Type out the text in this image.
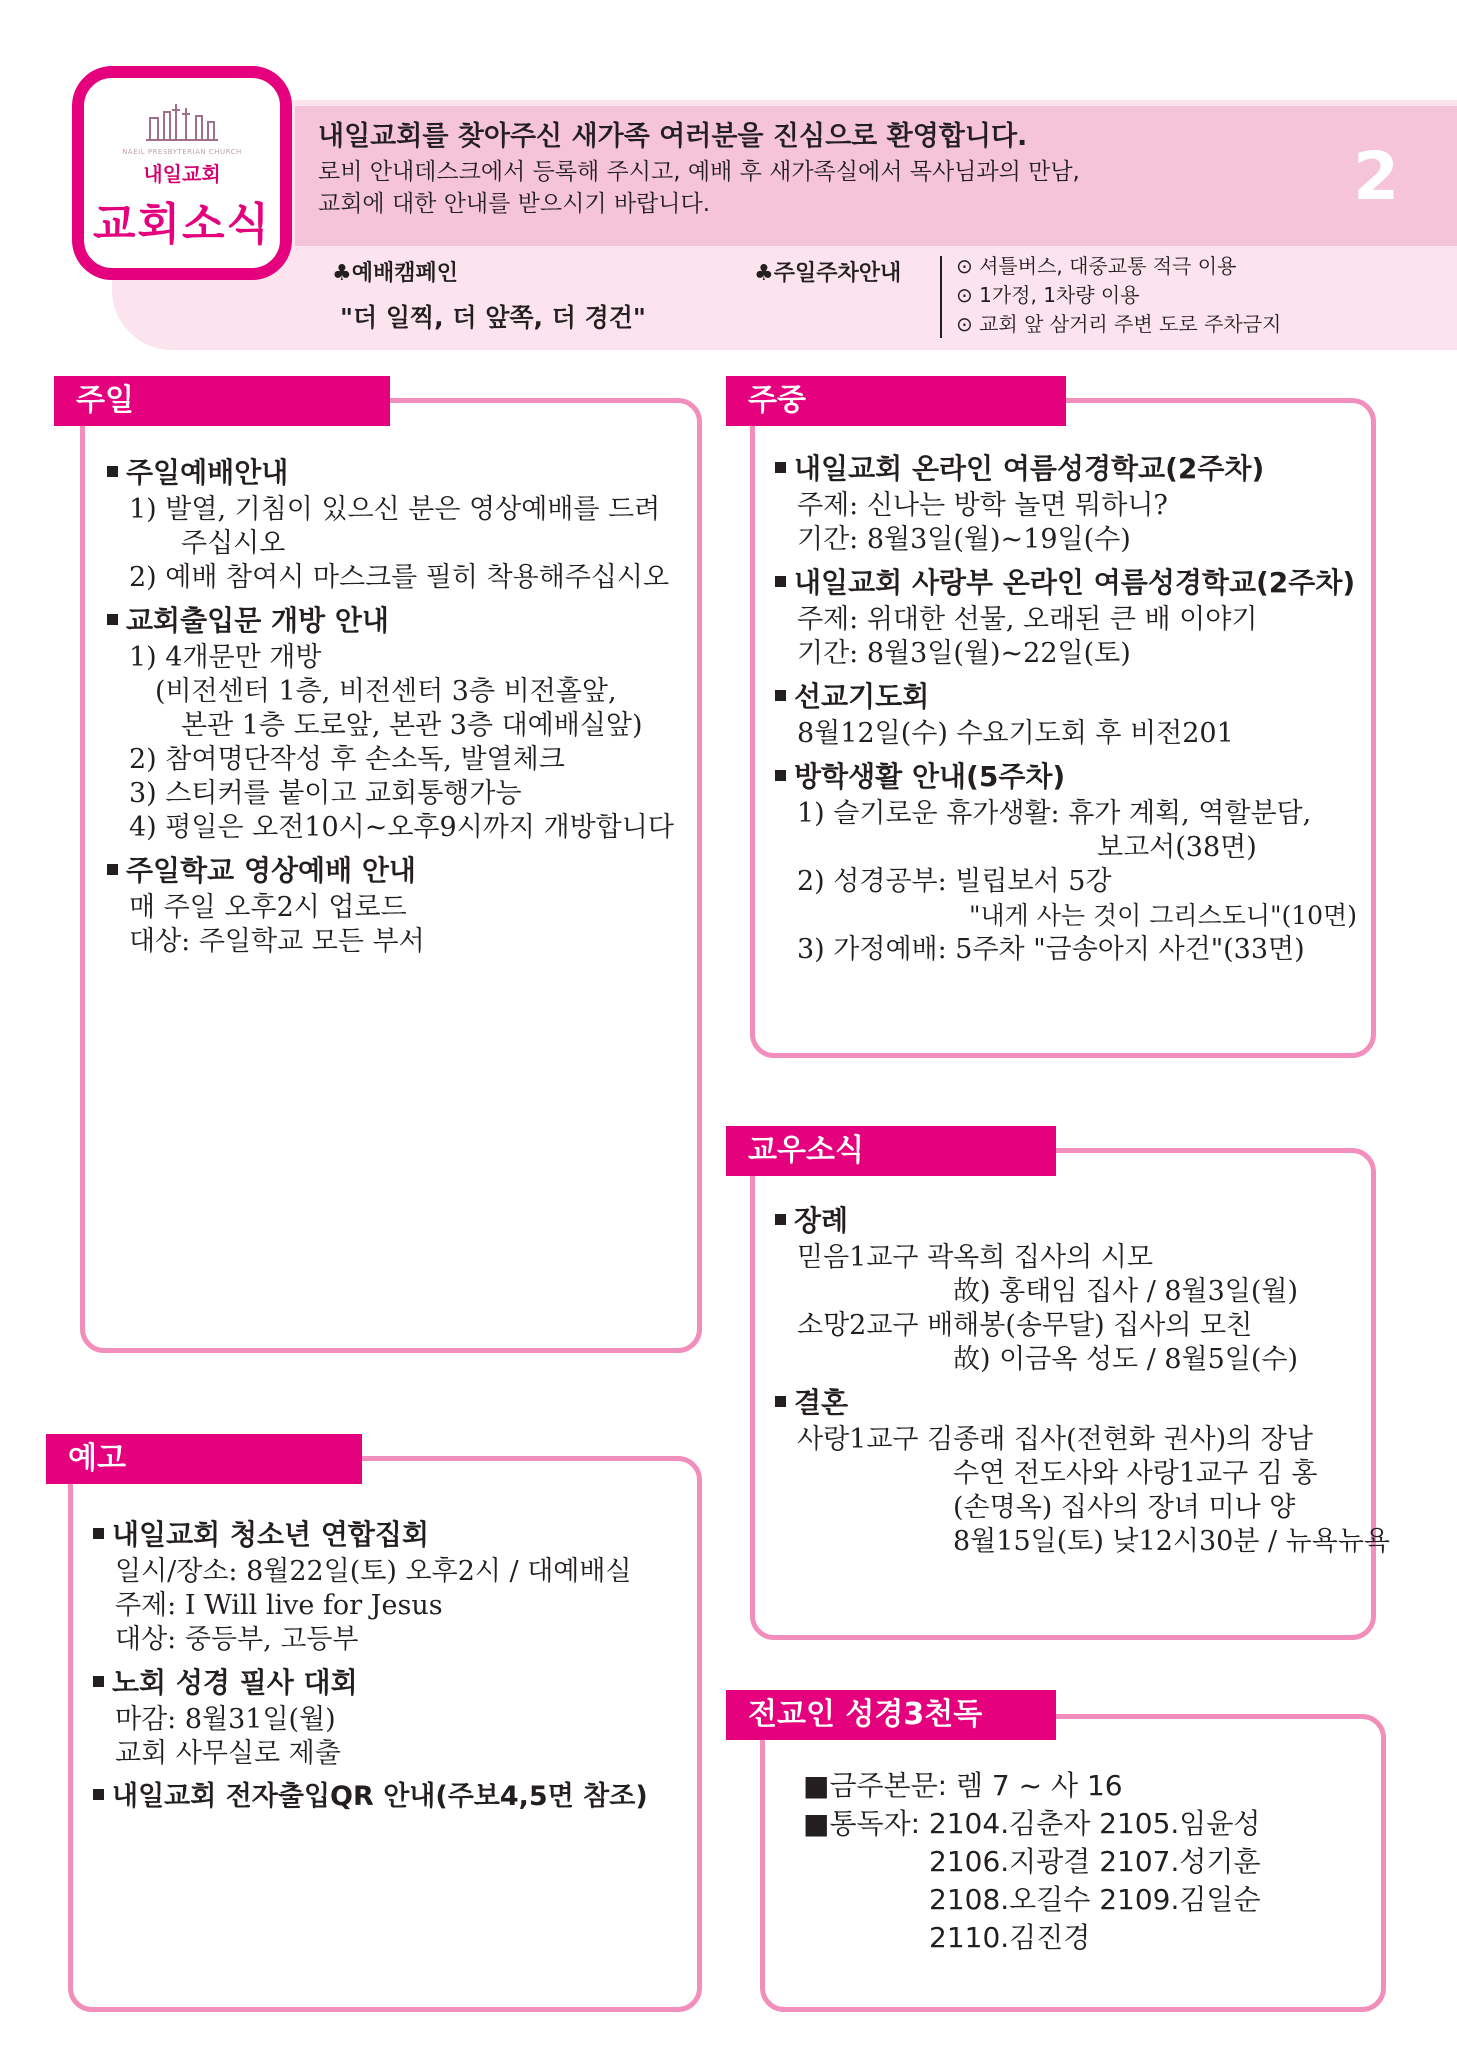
NAEIL PRESBYTERIAN CHURCH
내일교회
교회소식
내일교회를 찾아주신 새가족 여러분을 진심으로 환영합니다.
로비 안내데스크에서 등록해 주시고, 예배 후 새가족실에서 목사님과의 만남,
교회에 대한 안내를 받으시기 바랍니다.	2
♣예배캠페인
"더 일찍, 더 앞쪽, 더 경건"
♣주일주차안내	⊙ 셔틀버스, 대중교통 적극 이용
⊙ 1가정, 1차량 이용
⊙ 교회 앞 삼거리 주변 도로 주차금지
주일예배안내
1) 발열, 기침이 있으신 분은 영상예배를 드려
주십시오
2) 예배 참여시 마스크를 필히 착용해주십시오
교회출입문 개방 안내
1) 4개문만 개방
(비전센터 1층, 비전센터 3층 비전홀앞,
본관 1층 도로앞, 본관 3층 대예배실앞)
2) 참여명단작성 후 손소독, 발열체크
3) 스티커를 붙이고 교회통행가능
4) 평일은 오전10시~오후9시까지 개방합니다
주일학교 영상예배 안내
매 주일 오후2시 업로드
대상: 주일학교 모든 부서
주일
내일교회 온라인 여름성경학교(2주차)
주제: 신나는 방학 놀면 뭐하니?
기간: 8월3일(월)~19일(수)
내일교회 사랑부 온라인 여름성경학교(2주차)
주제: 위대한 선물, 오래된 큰 배 이야기
기간: 8월3일(월)~22일(토)
선교기도회
8월12일(수) 수요기도회 후 비전201
방학생활 안내(5주차)
1) 슬기로운 휴가생활: 휴가 계획, 역할분담,
보고서(38면)
2) 성경공부: 빌립보서 5강
"내게 사는 것이 그리스도니"(10면)
3) 가정예배: 5주차 "금송아지 사건"(33면)
주중
장례
믿음1교구 곽옥희 집사의 시모
故) 홍태임 집사 / 8월3일(월)
소망2교구 배해봉(송무달) 집사의 모친
故) 이금옥 성도 / 8월5일(수)
결혼
사랑1교구 김종래 집사(전현화 권사)의 장남
수연 전도사와 사랑1교구 김 홍
(손명옥) 집사의 장녀 미나 양
8월15일(토) 낮12시30분 / 뉴욕뉴욕
교우소식
내일교회 청소년 연합집회
일시/장소: 8월22일(토) 오후2시 / 대예배실
주제: I Will live for Jesus
대상: 중등부, 고등부
노회 성경 필사 대회
마감: 8월31일(월)
교회 사무실로 제출
내일교회 전자출입QR 안내(주보4,5면 참조)
예고
■금주본문: 렘 7 ~ 사 16
■통독자: 2104.김춘자 2105.임윤성
2106.지광결 2107.성기훈
2108.오길수 2109.김일순
2110.김진경
전교인 성경3천독
